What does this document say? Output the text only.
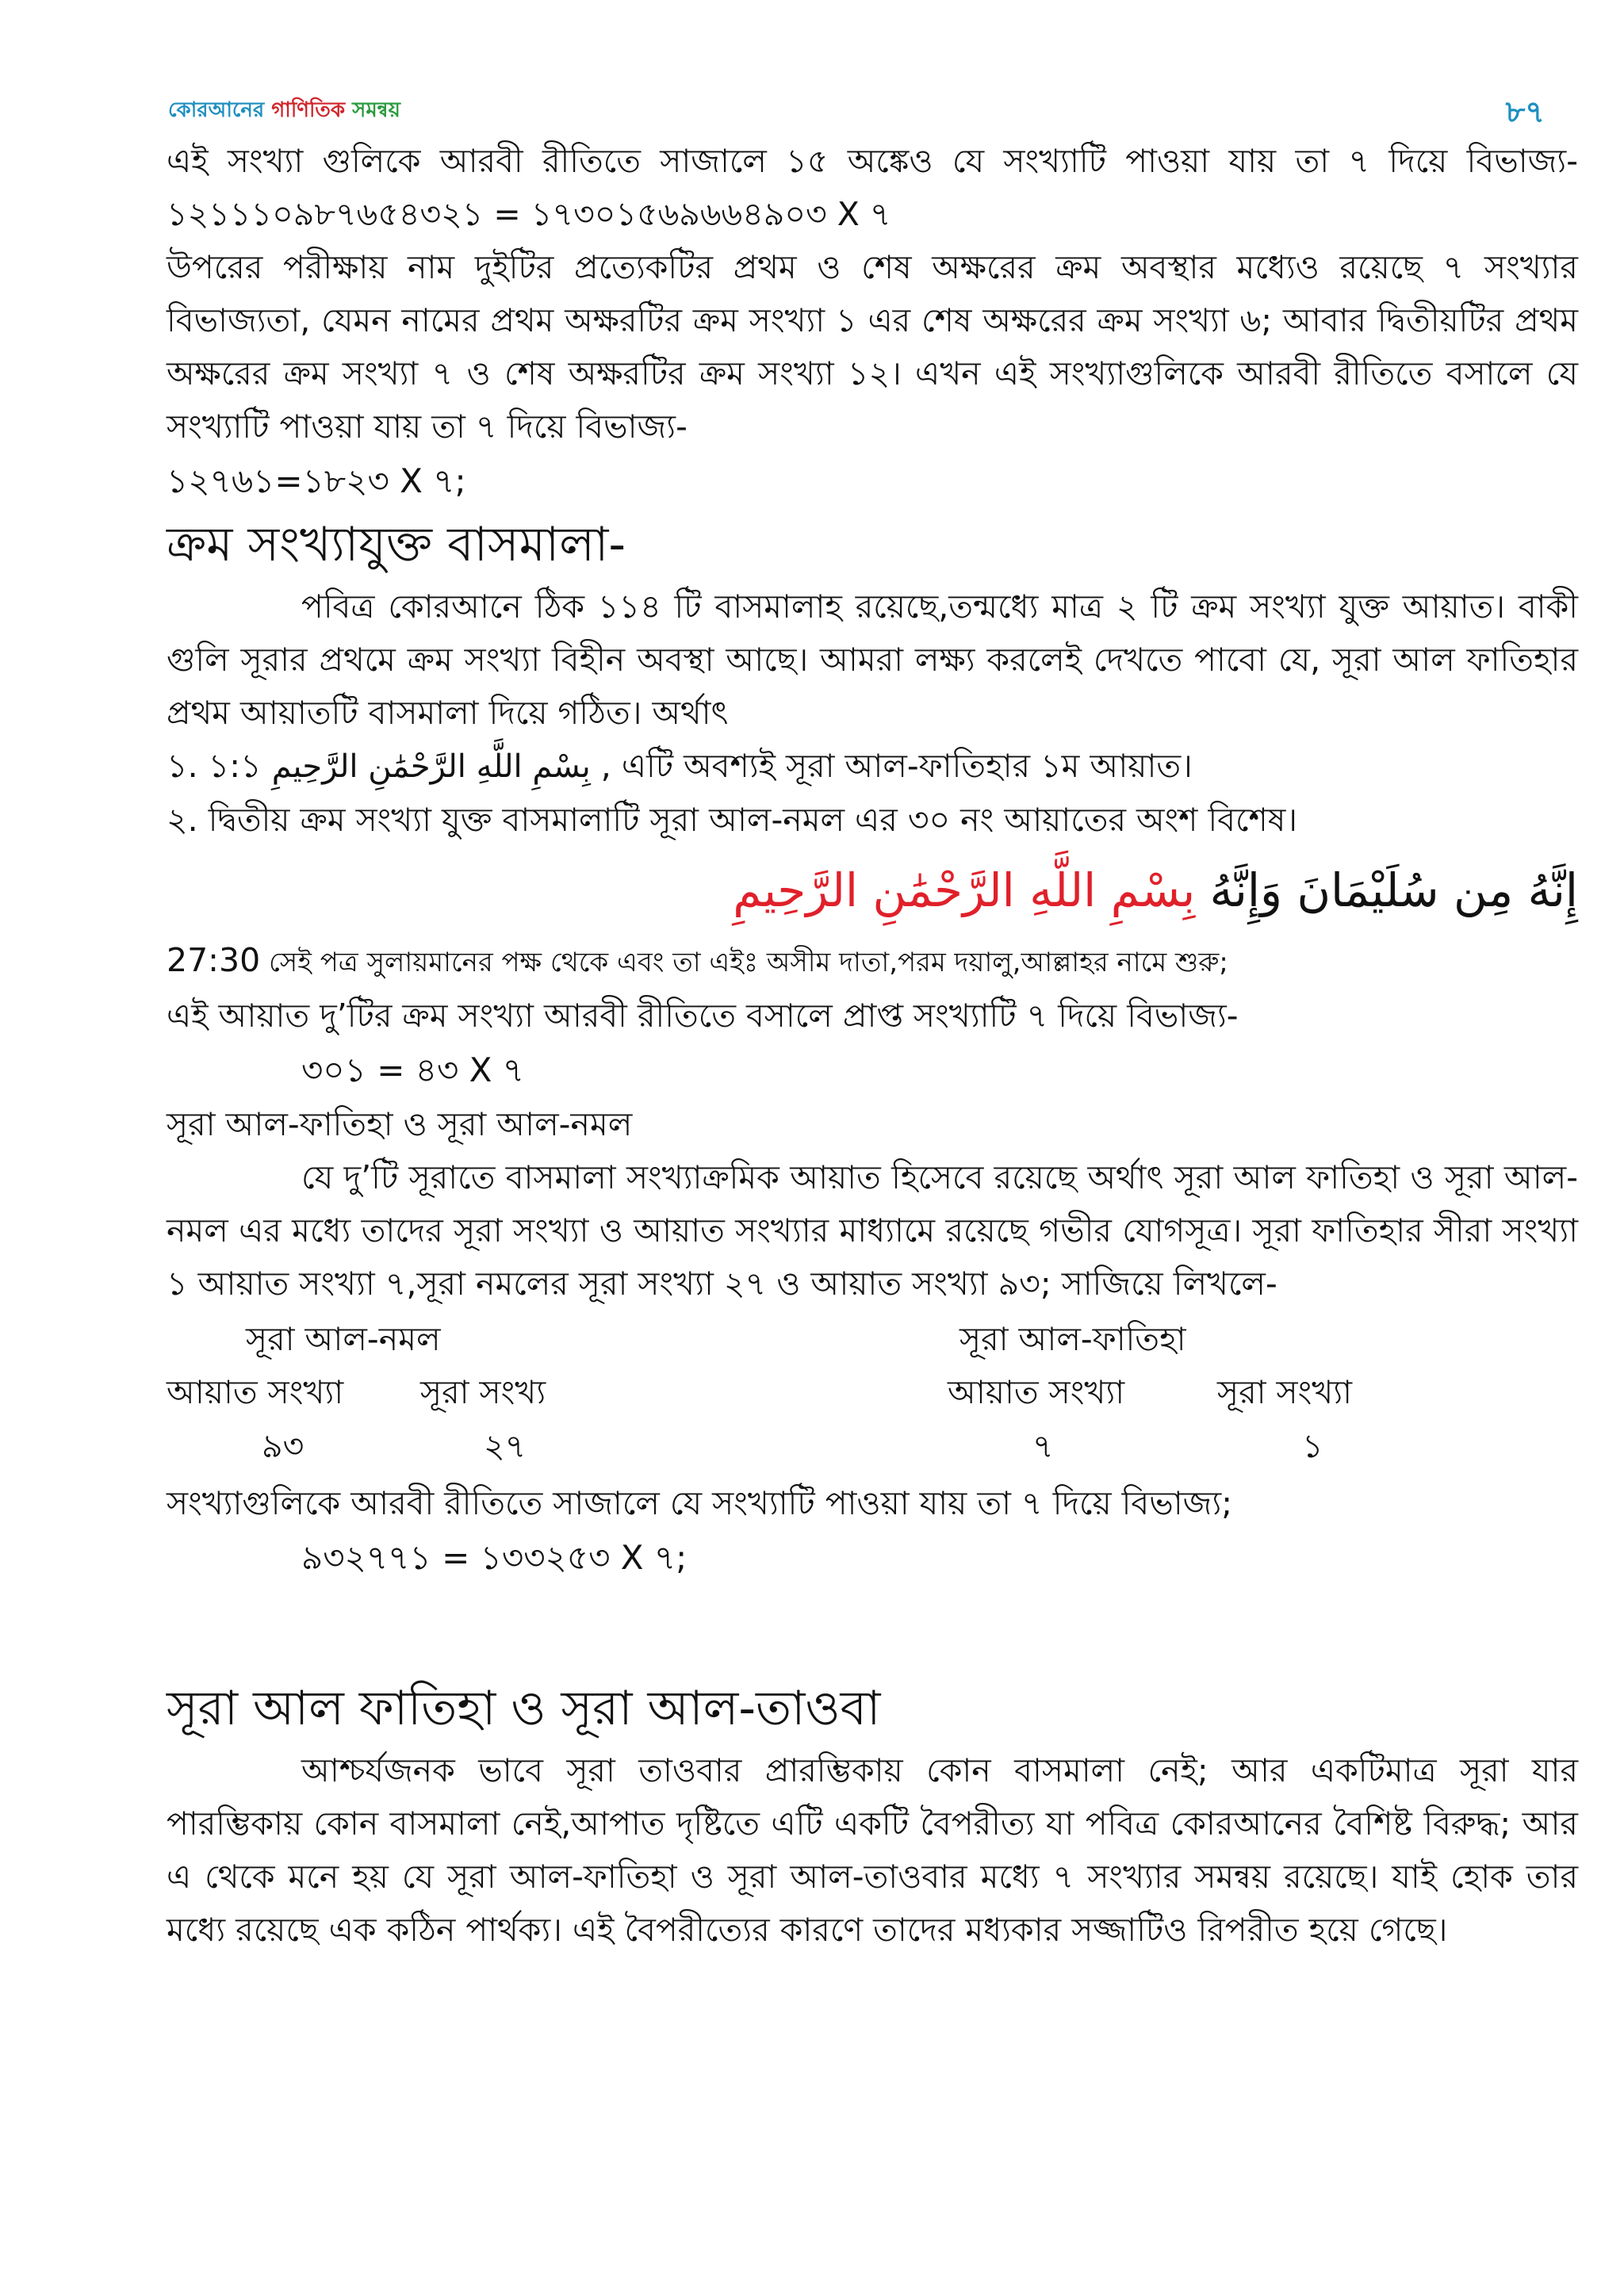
কোরআনের গাণিতিক সমন্বয়	৮৭

এই সংখ্যা গুলিকে আরবী রীতিতে সাজালে ১৫ অঙ্কেও যে সংখ্যাটি পাওয়া যায় তা ৭ দিয়ে বিভাজ্য- ১২১১১০৯৮৭৬৫৪৩২১ = ১৭৩০১৫৬৯৬৬৪৯০৩ X ৭

উপরের পরীক্ষায় নাম দুইটির প্রত্যেকটির প্রথম ও শেষ অক্ষরের ক্রম অবস্থার মধ্যেও রয়েছে ৭ সংখ্যার বিভাজ্যতা, যেমন নামের প্রথম অক্ষরটির ক্রম সংখ্যা ১ এর শেষ অক্ষরের ক্রম সংখ্যা ৬; আবার দ্বিতীয়টির প্রথম অক্ষরের ক্রম সংখ্যা ৭ ও শেষ অক্ষরটির ক্রম সংখ্যা ১২। এখন এই সংখ্যাগুলিকে আরবী রীতিতে বসালে যে সংখ্যাটি পাওয়া যায় তা ৭ দিয়ে বিভাজ্য-

১২৭৬১=১৮২৩ X ৭;
ক্রম সংখ্যাযুক্ত বাসমালা-

পবিত্র কোরআনে ঠিক ১১৪ টি বাসমালাহ রয়েছে,তন্মধ্যে মাত্র ২ টি ক্রম সংখ্যা যুক্ত আয়াত। বাকী গুলি সূরার প্রথমে ক্রম সংখ্যা বিহীন অবস্থা আছে। আমরা লক্ষ্য করলেই দেখতে পাবো যে, সূরা আল ফাতিহার প্রথম আয়াতটি বাসমালা দিয়ে গঠিত। অর্থাৎ

১. ১:১ بِسْمِ اللَّهِ الرَّحْمَٰنِ الرَّحِيمِ , এটি অবশ্যই সূরা আল-ফাতিহার ১ম আয়াত।
২. দ্বিতীয় ক্রম সংখ্যা যুক্ত বাসমালাটি সূরা আল-নমল এর ৩০ নং আয়াতের অংশ বিশেষ।
إِنَّهُ مِن سُلَيْمَانَ وَإِنَّهُ بِسْمِ اللَّهِ الرَّحْمَٰنِ الرَّحِيمِ
27:30 সেই পত্র সুলায়মানের পক্ষ থেকে এবং তা এইঃ অসীম দাতা,পরম দয়ালু,আল্লাহর নামে শুরু;

এই আয়াত দু’টির ক্রম সংখ্যা আরবী রীতিতে বসালে প্রাপ্ত সংখ্যাটি ৭ দিয়ে বিভাজ্য-

৩০১ = ৪৩ X ৭
সূরা আল-ফাতিহা ও সূরা আল-নমল

যে দু’টি সূরাতে বাসমালা সংখ্যাক্রমিক আয়াত হিসেবে রয়েছে অর্থাৎ সূরা আল ফাতিহা ও সূরা আল-নমল এর মধ্যে তাদের সূরা সংখ্যা ও আয়াত সংখ্যার মাধ্যামে রয়েছে গভীর যোগসূত্র। সূরা ফাতিহার সীরা সংখ্যা ১ আয়াত সংখ্যা ৭,সূরা নমলের সূরা সংখ্যা ২৭ ও আয়াত সংখ্যা ৯৩; সাজিয়ে লিখলে-

সূরা আল-নমল	সূরা আল-ফাতিহা
আয়াত সংখ্যা সূরা সংখ্য	আয়াত সংখ্যা	সূরা সংখ্যা
৯৩	২৭	৭	১

সংখ্যাগুলিকে আরবী রীতিতে সাজালে যে সংখ্যাটি পাওয়া যায় তা ৭ দিয়ে বিভাজ্য;

৯৩২৭৭১ = ১৩৩২৫৩ X ৭;
সূরা আল ফাতিহা ও সূরা আল-তাওবা

আশ্চর্যজনক ভাবে সূরা তাওবার প্রারম্ভিকায় কোন বাসমালা নেই; আর একটিমাত্র সূরা যার পারম্ভিকায় কোন বাসমালা নেই,আপাত দৃষ্টিতে এটি একটি বৈপরীত্য যা পবিত্র কোরআনের বৈশিষ্ট বিরুদ্ধ; আর এ থেকে মনে হয় যে সূরা আল-ফাতিহা ও সূরা আল-তাওবার মধ্যে ৭ সংখ্যার সমন্বয় রয়েছে। যাই হোক তার মধ্যে রয়েছে এক কঠিন পার্থক্য। এই বৈপরীত্যের কারণে তাদের মধ্যকার সজ্জাটিও রিপরীত হয়ে গেছে।
